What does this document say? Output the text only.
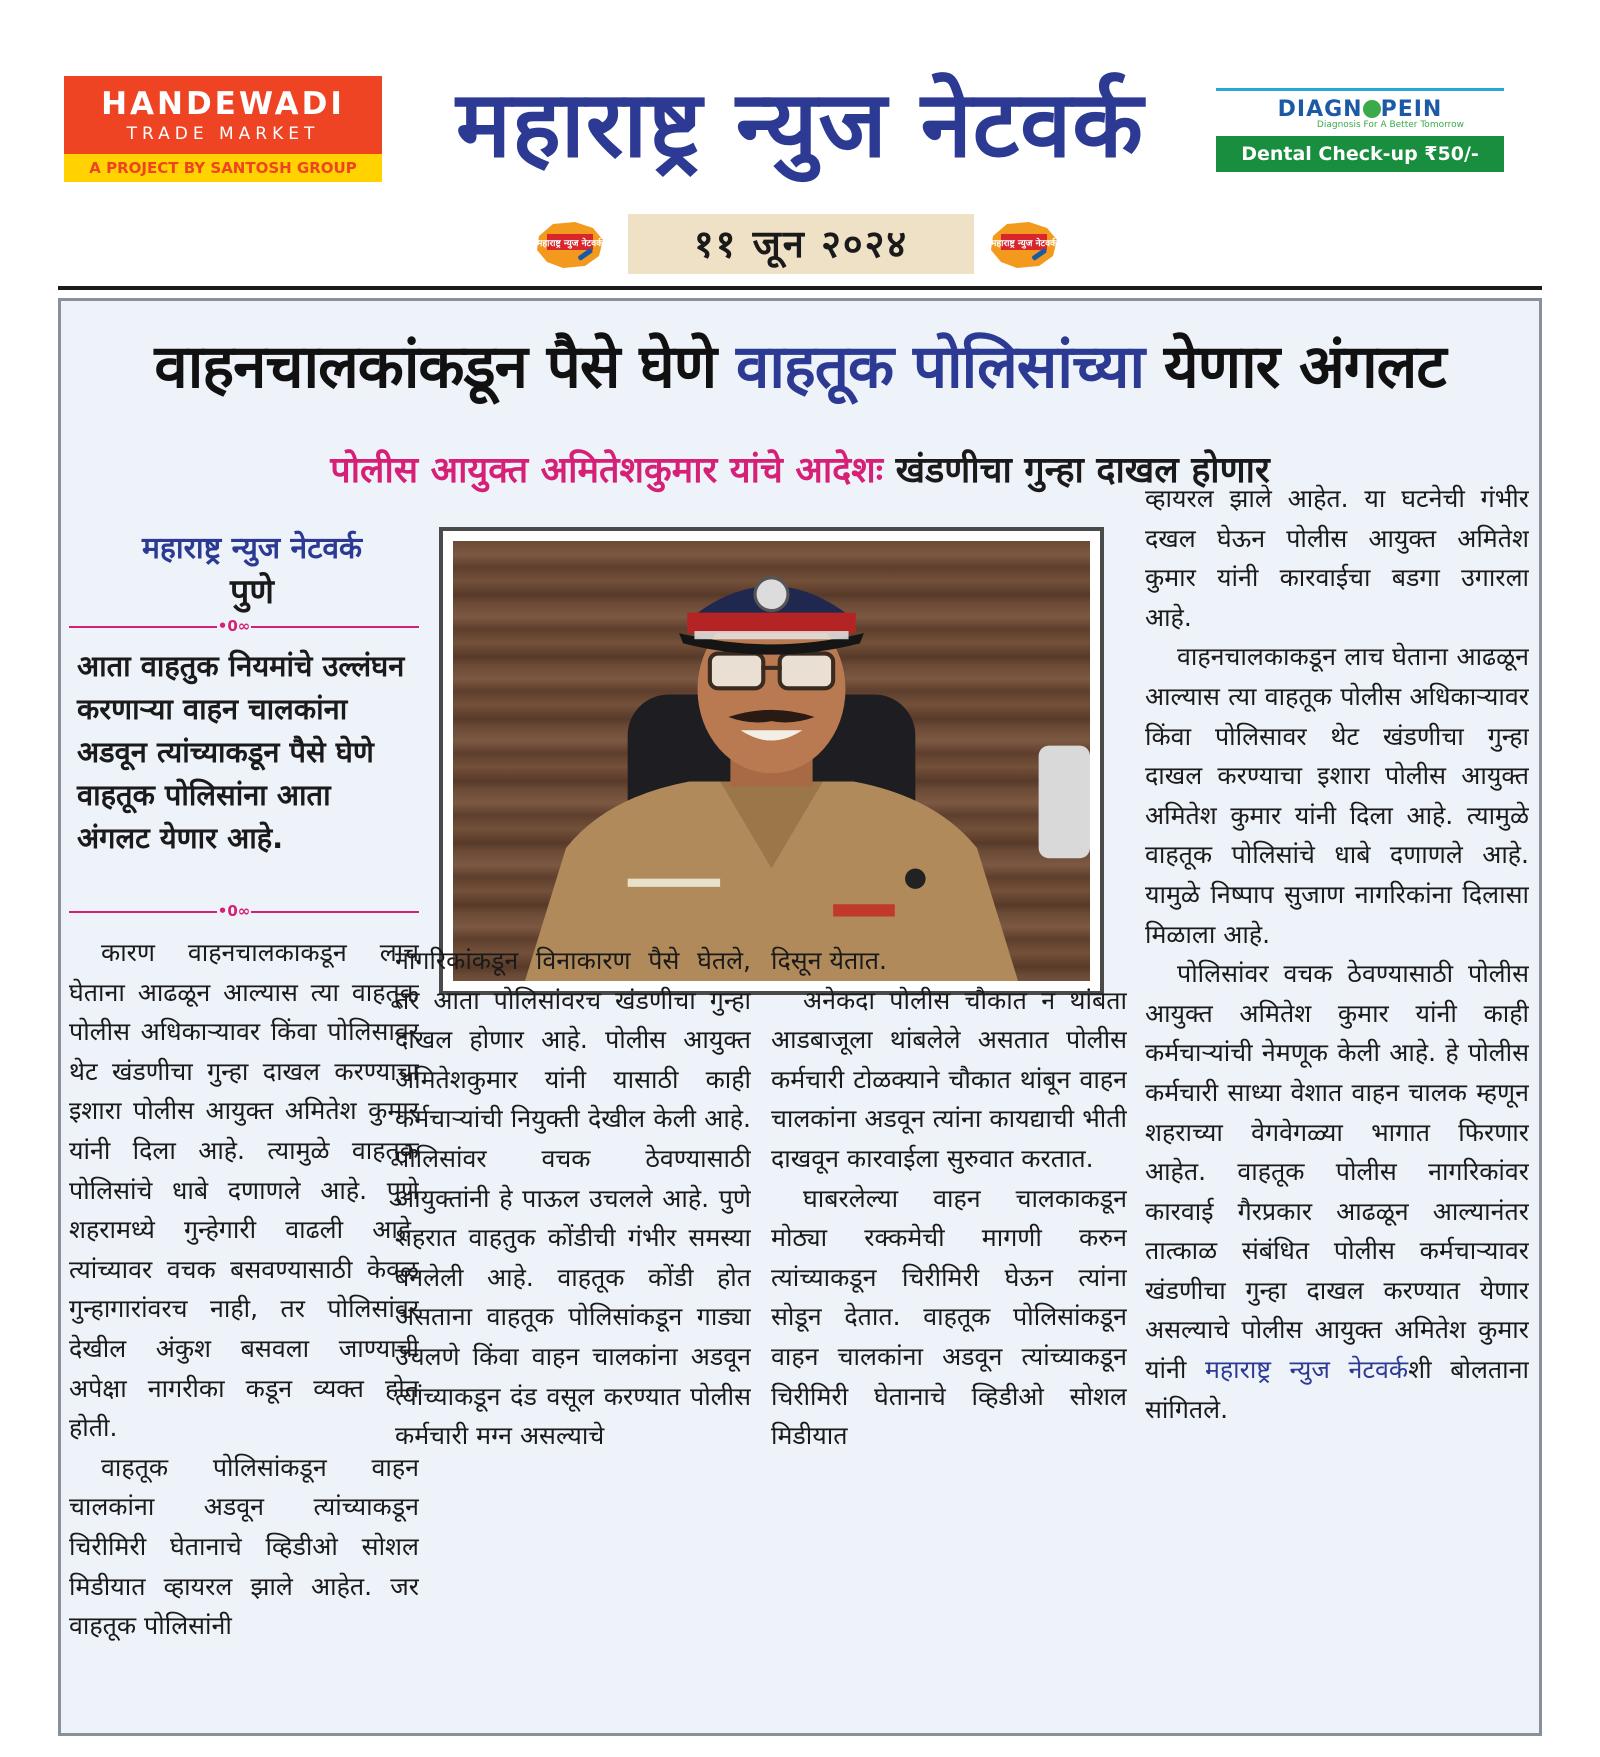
HANDEWADI
TRADE MARKET
A PROJECT BY SANTOSH GROUP	महाराष्ट्र न्युज नेटवर्क	DIAGN PEIN
Diagnosis For A Better Tomorrow
Dental Check-up ₹50/-
महाराष्ट्र न्युज नेटवर्क	११ जून २०२४	महाराष्ट्र न्युज नेटवर्क
वाहनचालकांकडून पैसे घेणे वाहतूक पोलिसांच्या येणार अंगलट
पोलीस आयुक्त अमितेशकुमार यांचे आदेशः खंडणीचा गुन्हा दाखल होणार
महाराष्ट्र न्युज नेटवर्क
पुणे
•0∞
आता वाहतुक नियमांचे उल्लंघन करणाऱ्या वाहन चालकांना अडवून त्यांच्याकडून पैसे घेणे वाहतूक पोलिसांना आता अंगलट येणार आहे.
•0∞

कारण वाहनचालकाकडून लाच घेताना आढळून आल्यास त्या वाहतूक पोलीस अधिकाऱ्यावर किंवा पोलिसावर थेट खंडणीचा गुन्हा दाखल करण्याचा इशारा पोलीस आयुक्त अमितेश कुमार यांनी दिला आहे. त्यामुळे वाहतूक पोलिसांचे धाबे दणाणले आहे. पुणे शहरामध्ये गुन्हेगारी वाढली आहे. त्यांच्यावर वचक बसवण्यासाठी केवळ गुन्हागारांवरच नाही, तर पोलिसांवर देखील अंकुश बसवला जाण्याची अपेक्षा नागरीका कडून व्यक्त होत होती.

वाहतूक पोलिसांकडून वाहन चालकांना अडवून त्यांच्याकडून चिरीमिरी घेतानाचे व्हिडीओ सोशल मिडीयात व्हायरल झाले आहेत. जर वाहतूक पोलिसांनी

नागरिकांकडून विनाकारण पैसे घेतले, तर आता पोलिसांवरच खंडणीचा गुन्हा दाखल होणार आहे. पोलीस आयुक्त अमितेशकुमार यांनी यासाठी काही कर्मचाऱ्यांची नियुक्ती देखील केली आहे. पोलिसांवर वचक ठेवण्यासाठी आयुक्तांनी हे पाऊल उचलले आहे. पुणे शहरात वाहतुक कोंडीची गंभीर समस्या बनलेली आहे. वाहतूक कोंडी होत असताना वाहतूक पोलिसांकडून गाड्या उचलणे किंवा वाहन चालकांना अडवून त्यांच्याकडून दंड वसूल करण्यात पोलीस कर्मचारी मग्न असल्याचे

दिसून येतात.

अनेकदा पोलीस चौकात न थांबता आडबाजूला थांबलेले असतात पोलीस कर्मचारी टोळक्याने चौकात थांबून वाहन चालकांना अडवून त्यांना कायद्याची भीती दाखवून कारवाईला सुरुवात करतात.

घाबरलेल्या वाहन चालकाकडून मोठ्या रक्कमेची मागणी करुन त्यांच्याकडून चिरीमिरी घेऊन त्यांना सोडून देतात. वाहतूक पोलिसांकडून वाहन चालकांना अडवून त्यांच्याकडून चिरीमिरी घेतानाचे व्हिडीओ सोशल मिडीयात

व्हायरल झाले आहेत. या घटनेची गंभीर दखल घेऊन पोलीस आयुक्त अमितेश कुमार यांनी कारवाईचा बडगा उगारला आहे.

वाहनचालकाकडून लाच घेताना आढळून आल्यास त्या वाहतूक पोलीस अधिकाऱ्यावर किंवा पोलिसावर थेट खंडणीचा गुन्हा दाखल करण्याचा इशारा पोलीस आयुक्त अमितेश कुमार यांनी दिला आहे. त्यामुळे वाहतूक पोलिसांचे धाबे दणाणले आहे. यामुळे निष्पाप सुजाण नागरिकांना दिलासा मिळाला आहे.

पोलिसांवर वचक ठेवण्यासाठी पोलीस आयुक्त अमितेश कुमार यांनी काही कर्मचाऱ्यांची नेमणूक केली आहे. हे पोलीस कर्मचारी साध्या वेशात वाहन चालक म्हणून शहराच्या वेगवेगळ्या भागात फिरणार आहेत. वाहतूक पोलीस नागरिकांवर कारवाई गैरप्रकार आढळून आल्यानंतर तात्काळ संबंधित पोलीस कर्मचाऱ्यावर खंडणीचा गुन्हा दाखल करण्यात येणार असल्याचे पोलीस आयुक्त अमितेश कुमार यांनी महाराष्ट्र न्युज नेटवर्कशी बोलताना सांगितले.
